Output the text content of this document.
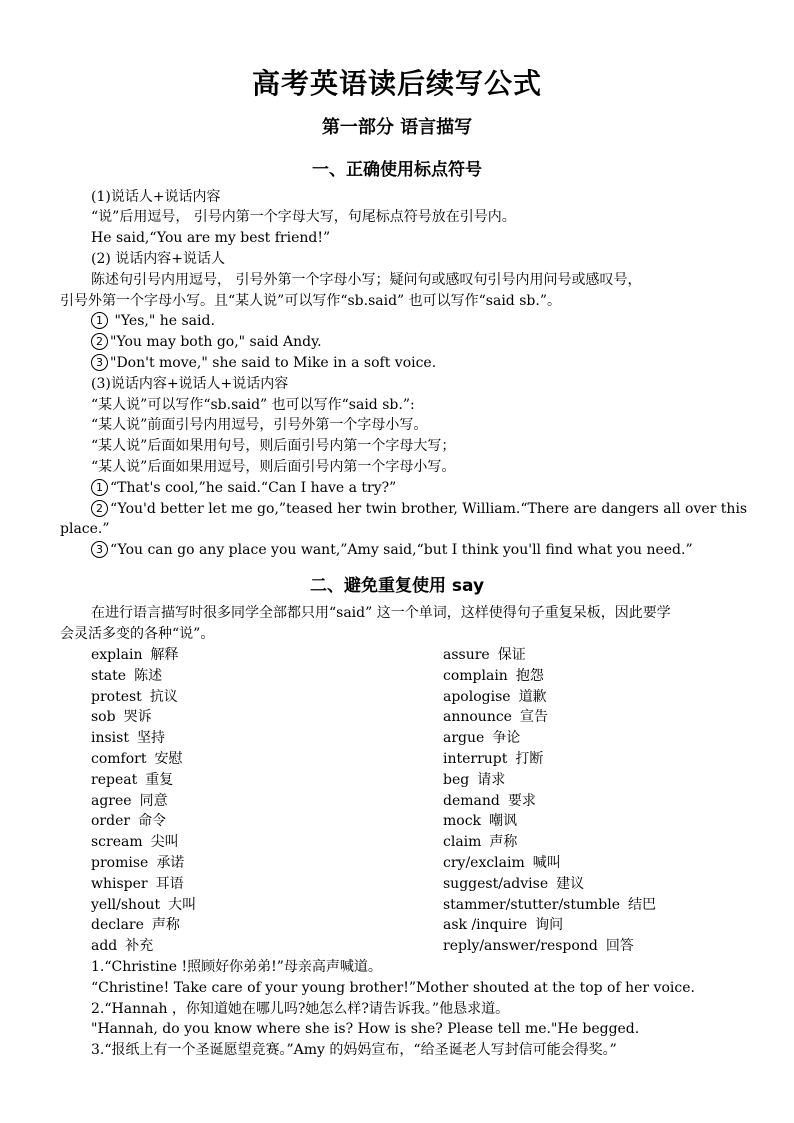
高考英语读后续写公式
第一部分 语言描写
一、正确使用标点符号
(1)说话人+说话内容
“说”后用逗号， 引号内第一个字母大写，句尾标点符号放在引号内。
He said,“You are my best friend!”
(2) 说话内容+说话人
陈述句引号内用逗号， 引号外第一个字母小写；疑问句或感叹句引号内用问号或感叹号，
引号外第一个字母小写。且“某人说”可以写作“sb.said” 也可以写作“said sb.”。
1 "Yes," he said.
2 "You may both go," said Andy.
3 "Don't move," she said to Mike in a soft voice.
(3)说话内容+说话人+说话内容
“某人说”可以写作“sb.said” 也可以写作“said sb.”:
“某人说”前面引号内用逗号，引号外第一个字母小写。
“某人说”后面如果用句号，则后面引号内第一个字母大写；
“某人说”后面如果用逗号，则后面引号内第一个字母小写。
1 “That's cool,”he said.“Can I have a try?”
2 “You'd better let me go,”teased her twin brother, William.“There are dangers all over this
place.”
3 “You can go any place you want,”Amy said,“but I think you'll find what you need.”
二、避免重复使用 say
在进行语言描写时很多同学全部都只用“said” 这一个单词，这样使得句子重复呆板，因此要学
会灵活多变的各种“说”。
explain 解释
state 陈述
protest 抗议
sob 哭诉
insist 坚持
comfort 安慰
repeat 重复
agree 同意
order 命令
scream 尖叫
promise 承诺
whisper 耳语
yell/shout 大叫
declare 声称
add 补充
assure 保证
complain 抱怨
apologise 道歉
announce 宣告
argue 争论
interrupt 打断
beg 请求
demand 要求
mock 嘲讽
claim 声称
cry/exclaim 喊叫
suggest/advise 建议
stammer/stutter/stumble 结巴
ask /inquire 询问
reply/answer/respond 回答
1.“Christine !照顾好你弟弟!”母亲高声喊道。
“Christine! Take care of your young brother!”Mother shouted at the top of her voice.
2.“Hannah ，你知道她在哪儿吗?她怎么样?请告诉我。”他恳求道。
"Hannah, do you know where she is? How is she? Please tell me."He begged.
3.“报纸上有一个圣诞愿望竞赛。”Amy 的妈妈宣布，“给圣诞老人写封信可能会得奖。”
